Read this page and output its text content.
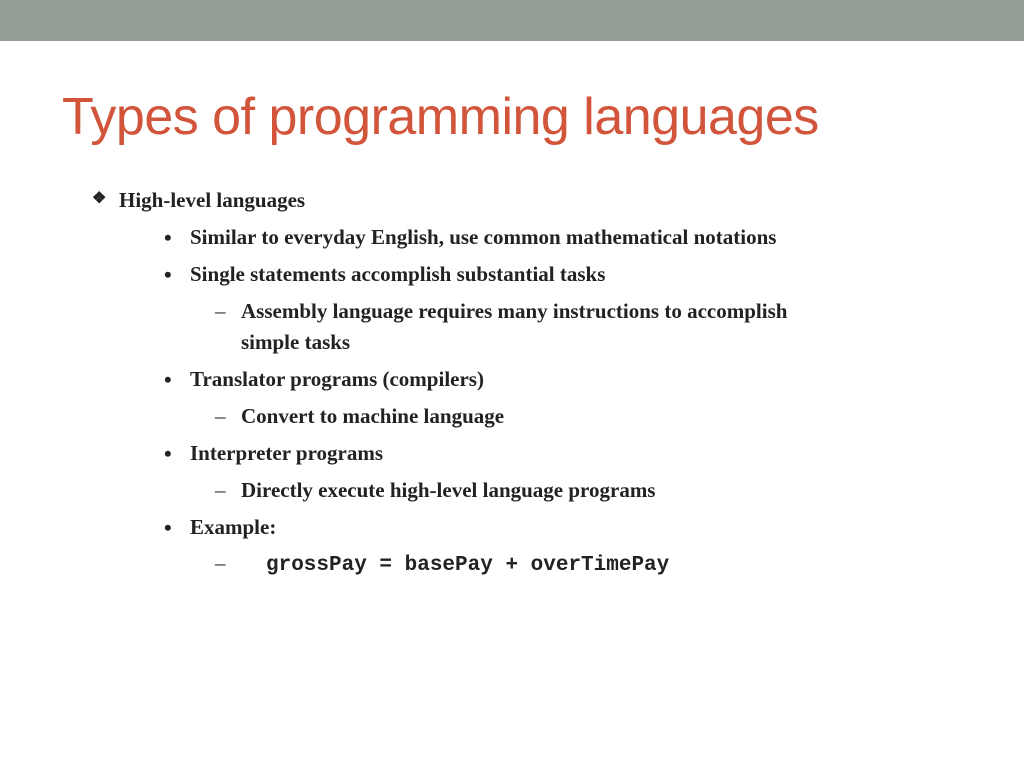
Types of programming languages
❖ High-level languages
• Similar to everyday English, use common mathematical notations
• Single statements accomplish substantial tasks
– Assembly language requires many instructions to accomplish
simple tasks
• Translator programs (compilers)
– Convert to machine language
• Interpreter programs
– Directly execute high-level language programs
• Example:
– grossPay = basePay + overTimePay
